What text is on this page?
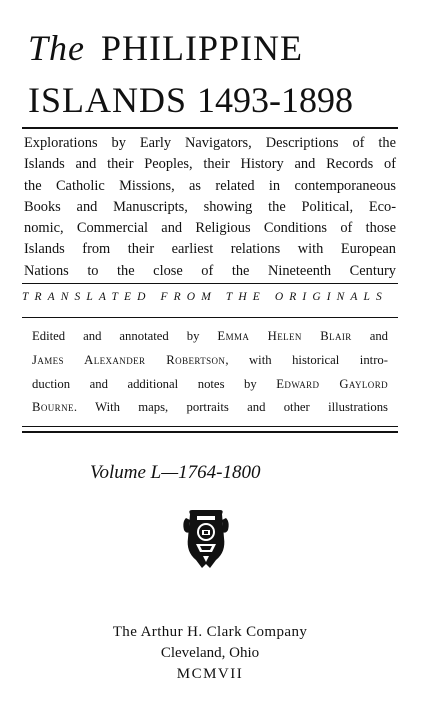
The PHILIPPINE
ISLANDS 1493-1898
Explorations by Early Navigators, Descriptions of the
Islands and their Peoples, their History and Records of
the Catholic Missions, as related in contemporaneous
Books and Manuscripts, showing the Political, Eco-
nomic, Commercial and Religious Conditions of those
Islands from their earliest relations with European
Nations to the close of the Nineteenth Century
TRANSLATED FROM THE ORIGINALS
Edited and annotated by Emma Helen Blair and
James Alexander Robertson, with historical intro-
duction and additional notes by Edward Gaylord
Bourne. With maps, portraits and other illustrations
Volume L—1764-1800
The Arthur H. Clark Company
Cleveland, Ohio
MCMVII
